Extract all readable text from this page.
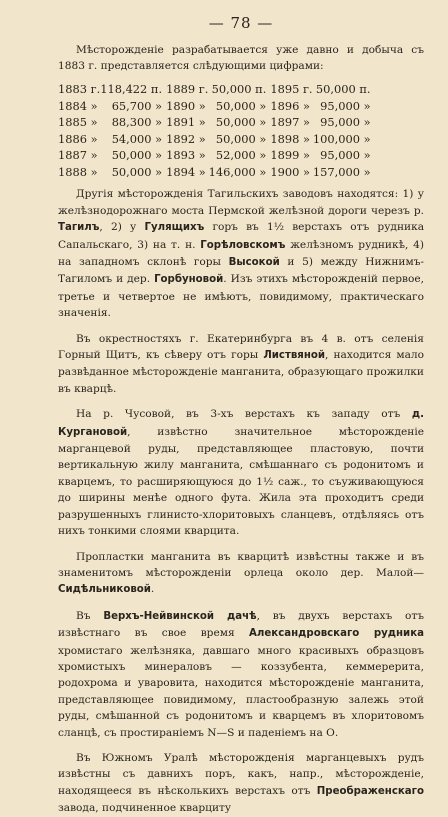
— 78 —

Мѣсторожденіе разрабатывается уже давно и добыча съ 1883 г. представляется слѣдующими цифрами:

1883 г.	118,422 п.	1889 г.	50,000 п.	1895 г.	50,000 п.
1884 »	65,700 »	1890 »	50,000 »	1896 »	95,000 »
1885 »	88,300 »	1891 »	50,000 »	1897 »	95,000 »
1886 »	54,000 »	1892 »	50,000 »	1898 »	100,000 »
1887 »	50,000 »	1893 »	52,000 »	1899 »	95,000 »
1888 »	50,000 »	1894 »	146,000 »	1900 »	157,000 »

Другія мѣсторожденія Тагильскихъ заводовъ находятся: 1) у желѣзнодорожнаго моста Пермской желѣзной дороги черезъ р. Тагилъ, 2) у Гулящихъ горъ въ 1½ верстахъ отъ рудника Сапальскаго, 3) на т. н. Горѣловскомъ желѣзномъ рудникѣ, 4) на западномъ склонѣ горы Высокой и 5) между Нижнимъ-Тагиломъ и дер. Горбуновой. Изъ этихъ мѣсторожденій первое, третье и четвертое не имѣютъ, повидимому, практическаго значенія.

Въ окрестностяхъ г. Екатеринбурга въ 4 в. отъ селенія Горный Щитъ, къ сѣверу отъ горы Листвяной, находится мало развѣданное мѣсторожденіе манганита, образующаго прожилки въ кварцѣ.

На р. Чусовой, въ 3-хъ верстахъ къ западу отъ д. Кургановой, извѣстно значительное мѣсторожденіе марганцевой руды, представляющее пластовую, почти вертикальную жилу манганита, смѣшаннаго съ родонитомъ и кварцемъ, то расширяющуюся до 1½ саж., то съуживающуюся до ширины менѣе одного фута. Жила эта проходитъ среди разрушенныхъ глинисто-хлоритовыхъ сланцевъ, отдѣляясь отъ нихъ тонкими слоями кварцита.

Пропластки манганита въ кварцитѣ извѣстны также и въ знаменитомъ мѣсторожденіи орлеца около дер. Малой—Сидѣльниковой.

Въ Верхъ-Нейвинской дачѣ, въ двухъ верстахъ отъ извѣстнаго въ свое время Александровскаго рудника хромистаго желѣзняка, давшаго много красивыхъ образцовъ хромистыхъ минераловъ — коззубента, кеммерерита, родохрома и уваровита, находится мѣсторожденіе манганита, представляющее повидимому, пластообразную залежь этой руды, смѣшанной съ родонитомъ и кварцемъ въ хлоритовомъ сланцѣ, съ простираніемъ N—S и паденіемъ на О.

Въ Южномъ Уралѣ мѣсторожденія марганцевыхъ рудъ извѣстны съ давнихъ поръ, какъ, напр., мѣсторожденіе, находящееся въ нѣсколькихъ верстахъ отъ Преображенскаго завода, подчиненное кварциту
